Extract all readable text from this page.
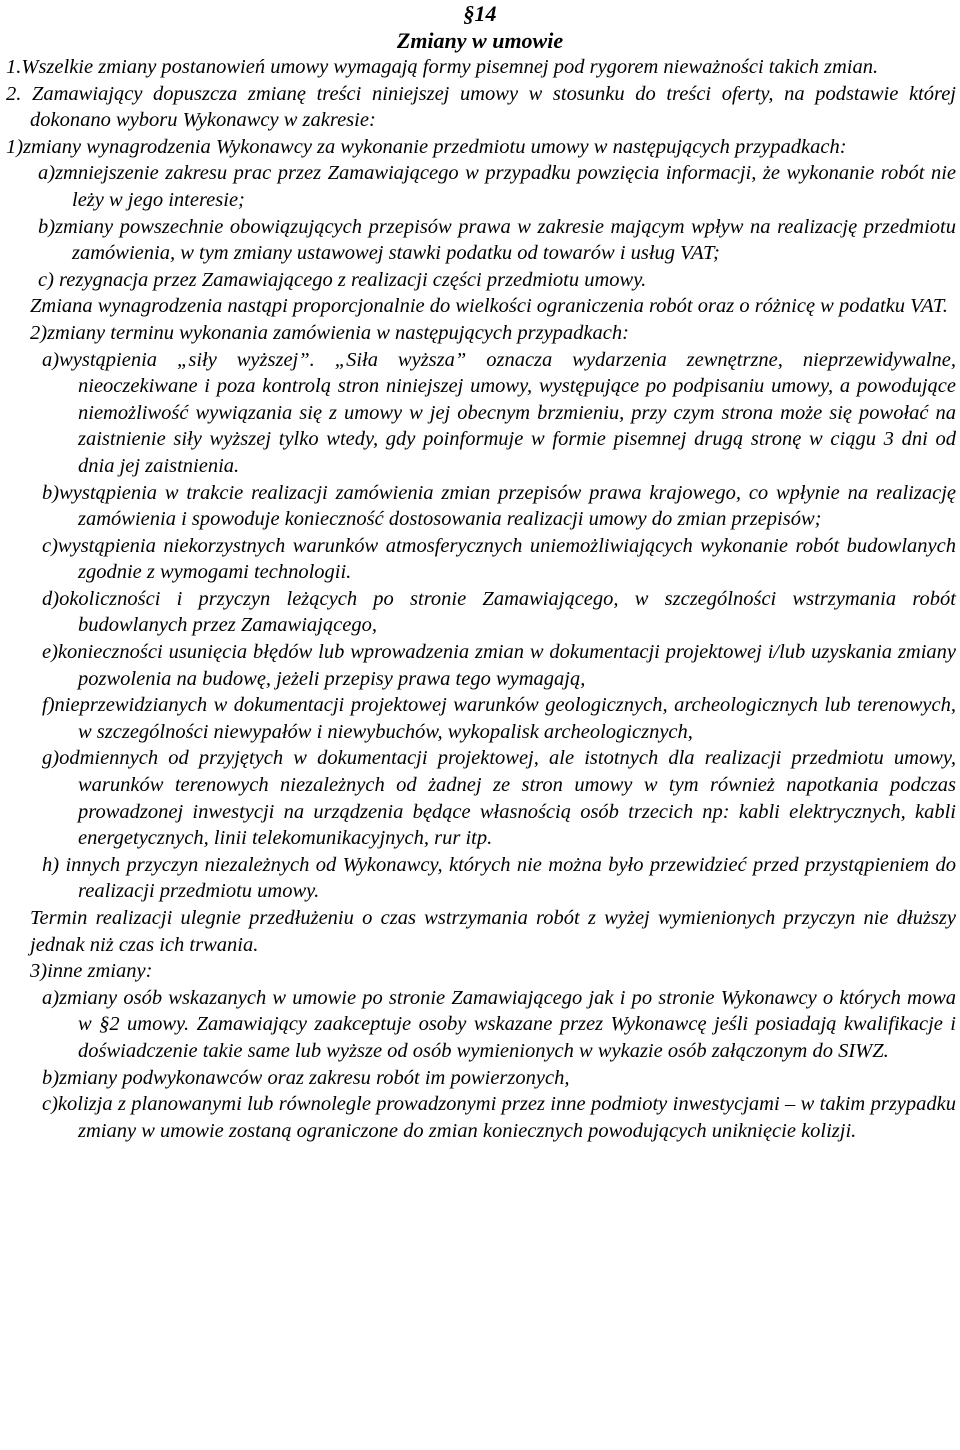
§14
Zmiany w umowie

1.Wszelkie zmiany postanowień umowy wymagają formy pisemnej pod rygorem nieważności takich zmian.

2. Zamawiający dopuszcza zmianę treści niniejszej umowy w stosunku do treści oferty, na podstawie której dokonano wyboru Wykonawcy w zakresie:

1)zmiany wynagrodzenia Wykonawcy za wykonanie przedmiotu umowy w następujących przypadkach:

a)zmniejszenie zakresu prac przez Zamawiającego w przypadku powzięcia informacji, że wykonanie robót nie leży w jego interesie;

b)zmiany powszechnie obowiązujących przepisów prawa w zakresie mającym wpływ na realizację przedmiotu zamówienia, w tym zmiany ustawowej stawki podatku od towarów i usług VAT;

c) rezygnacja przez Zamawiającego z realizacji części przedmiotu umowy.

Zmiana wynagrodzenia nastąpi proporcjonalnie do wielkości ograniczenia robót oraz o różnicę w podatku VAT.

2)zmiany terminu wykonania zamówienia w następujących przypadkach:

a)wystąpienia „siły wyższej”. „Siła wyższa” oznacza wydarzenia zewnętrzne, nieprzewidywalne, nieoczekiwane i poza kontrolą stron niniejszej umowy, występujące po podpisaniu umowy, a powodujące niemożliwość wywiązania się z umowy w jej obecnym brzmieniu, przy czym strona może się powołać na zaistnienie siły wyższej tylko wtedy, gdy poinformuje w formie pisemnej drugą stronę w ciągu 3 dni od dnia jej zaistnienia.

b)wystąpienia w trakcie realizacji zamówienia zmian przepisów prawa krajowego, co wpłynie na realizację zamówienia i spowoduje konieczność dostosowania realizacji umowy do zmian przepisów;

c)wystąpienia niekorzystnych warunków atmosferycznych uniemożliwiających wykonanie robót budowlanych zgodnie z wymogami technologii.

d)okoliczności i przyczyn leżących po stronie Zamawiającego, w szczególności wstrzymania robót budowlanych przez Zamawiającego,

e)konieczności usunięcia błędów lub wprowadzenia zmian w dokumentacji projektowej i/lub uzyskania zmiany pozwolenia na budowę, jeżeli przepisy prawa tego wymagają,

f)nieprzewidzianych w dokumentacji projektowej warunków geologicznych, archeologicznych lub terenowych, w szczególności niewypałów i niewybuchów, wykopalisk archeologicznych,

g)odmiennych od przyjętych w dokumentacji projektowej, ale istotnych dla realizacji przedmiotu umowy, warunków terenowych niezależnych od żadnej ze stron umowy w tym również napotkania podczas prowadzonej inwestycji na urządzenia będące własnością osób trzecich np: kabli elektrycznych, kabli energetycznych, linii telekomunikacyjnych, rur itp.

h) innych przyczyn niezależnych od Wykonawcy, których nie można było przewidzieć przed przystąpieniem do realizacji przedmiotu umowy.

Termin realizacji ulegnie przedłużeniu o czas wstrzymania robót z wyżej wymienionych przyczyn nie dłuższy jednak niż czas ich trwania.

3)inne zmiany:

a)zmiany osób wskazanych w umowie po stronie Zamawiającego jak i po stronie Wykonawcy o których mowa w §2 umowy. Zamawiający zaakceptuje osoby wskazane przez Wykonawcę jeśli posiadają kwalifikacje i doświadczenie takie same lub wyższe od osób wymienionych w wykazie osób załączonym do SIWZ.

b)zmiany podwykonawców oraz zakresu robót im powierzonych,

c)kolizja z planowanymi lub równolegle prowadzonymi przez inne podmioty inwestycjami – w takim przypadku zmiany w umowie zostaną ograniczone do zmian koniecznych powodujących uniknięcie kolizji.
